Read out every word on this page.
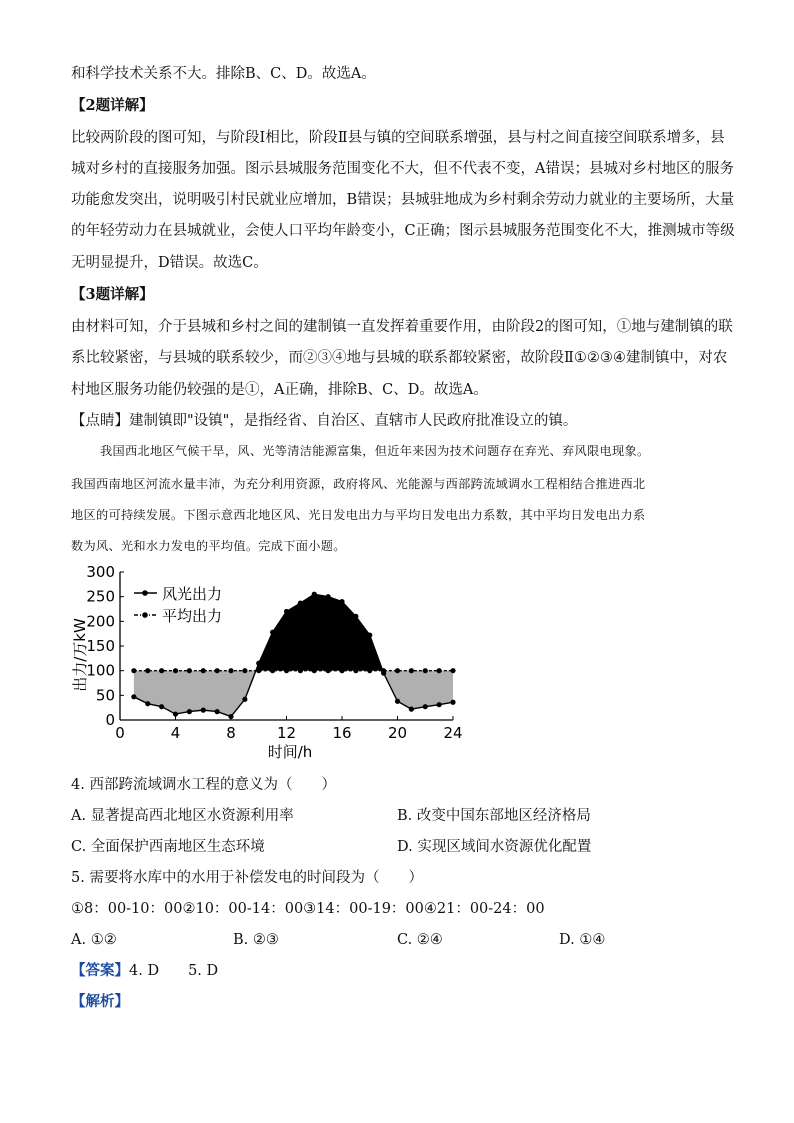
和科学技术关系不大。排除B、C、D。故选A。
【2题详解】
比较两阶段的图可知，与阶段Ⅰ相比，阶段Ⅱ县与镇的空间联系增强，县与村之间直接空间联系增多，县
城对乡村的直接服务加强。图示县城服务范围变化不大，但不代表不变，A错误；县城对乡村地区的服务
功能愈发突出，说明吸引村民就业应增加，B错误；县城驻地成为乡村剩余劳动力就业的主要场所，大量
的年轻劳动力在县城就业，会使人口平均年龄变小，C正确；图示县城服务范围变化不大，推测城市等级
无明显提升，D错误。故选C。
【3题详解】
由材料可知，介于县城和乡村之间的建制镇一直发挥着重要作用，由阶段2的图可知，①地与建制镇的联
系比较紧密，与县城的联系较少，而②③④地与县城的联系都较紧密，故阶段Ⅱ①②③④建制镇中，对农
村地区服务功能仍较强的是①，A正确，排除B、C、D。故选A。
【点睛】建制镇即"设镇"，是指经省、自治区、直辖市人民政府批准设立的镇。
我国西北地区气候干旱，风、光等清洁能源富集，但近年来因为技术问题存在弃光、弃风限电现象。
我国西南地区河流水量丰沛，为充分利用资源，政府将风、光能源与西部跨流域调水工程相结合推进西北
地区的可持续发展。下图示意西北地区风、光日发电出力与平均日发电出力系数，其中平均日发电出力系
数为风、光和水力发电的平均值。完成下面小题。
0	4	8	12 16 20 24
0
50
100
150
200
250
300
出力/万kW
时间/h
风光出力
平均出力
4. 西部跨流域调水工程的意义为（　　）
A. 显著提高西北地区水资源利用率	B. 改变中国东部地区经济格局
C. 全面保护西南地区生态环境	D. 实现区域间水资源优化配置
5. 需要将水库中的水用于补偿发电的时间段为（　　）
①8：00-10：00②10：00-14：00③14：00-19：00④21：00-24：00
A. ①②	B. ②③	C. ②④	D. ①④
【答案】4. D　　5. D
【解析】
